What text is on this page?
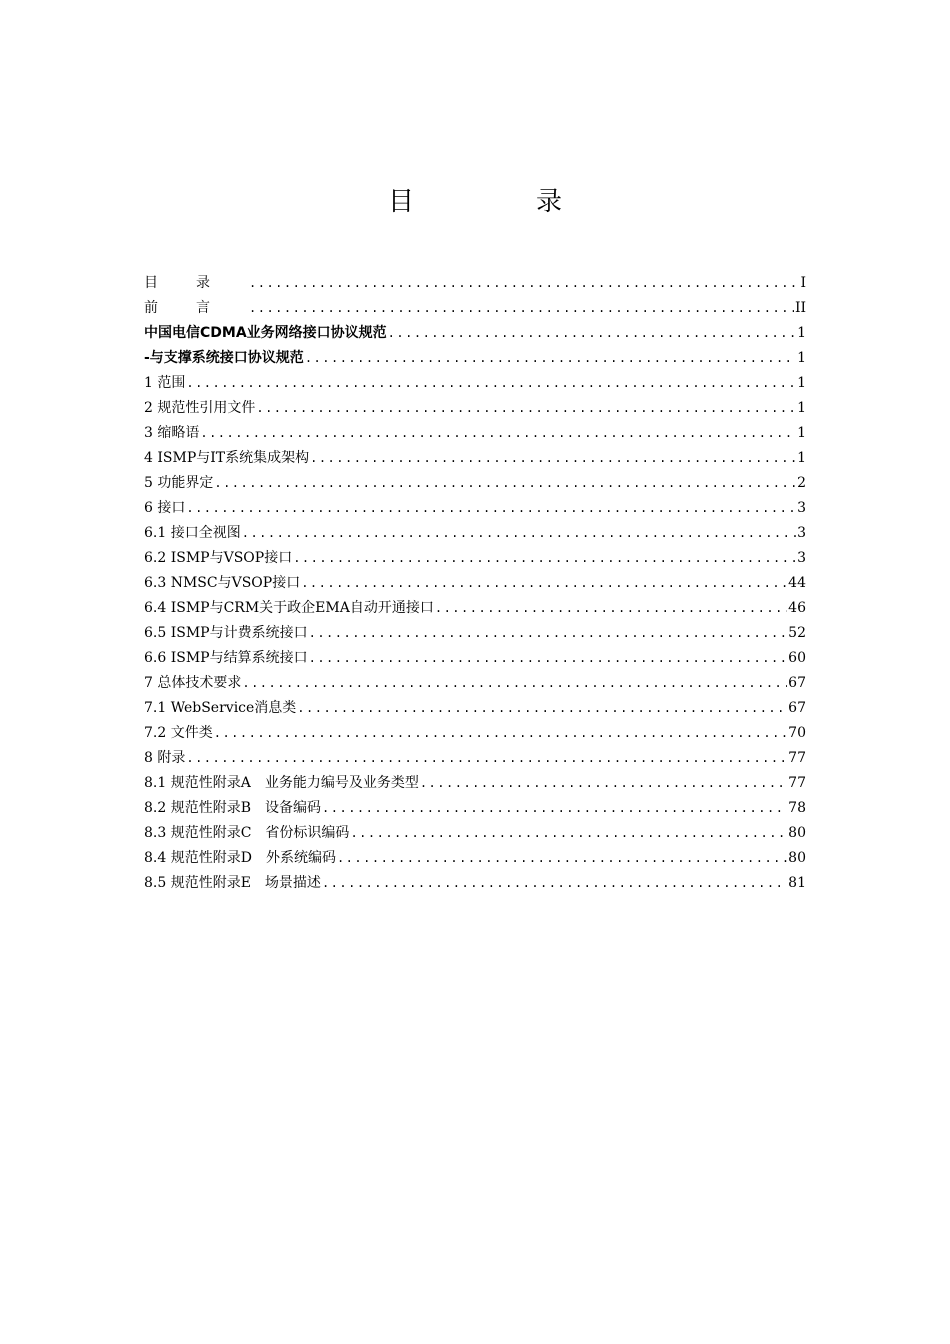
目　录
目录 .....	I
前言 .....	II
中国电信CDMA业务网络接口协议规范 .....	1
-与支撑系统接口协议规范 .....	1
1 范围 .....	1
2 规范性引用文件 .....	1
3 缩略语 .....	1
4 ISMP与IT系统集成架构 .....	1
5 功能界定 .....	2
6 接口 .....	3
6.1 接口全视图 .....	3
6.2 ISMP与VSOP接口 .....	3
6.3 NMSC与VSOP接口 .....	44
6.4 ISMP与CRM关于政企EMA自动开通接口 .....	46
6.5 ISMP与计费系统接口 .....	52
6.6 ISMP与结算系统接口 .....	60
7 总体技术要求 .....	67
7.1 WebService消息类 .....	67
7.2 文件类 .....	70
8 附录 .....	77
8.1 规范性附录A　业务能力编号及业务类型 .....	77
8.2 规范性附录B　设备编码 .....	78
8.3 规范性附录C　省份标识编码 .....	80
8.4 规范性附录D　外系统编码 .....	80
8.5 规范性附录E　场景描述 .....	81
